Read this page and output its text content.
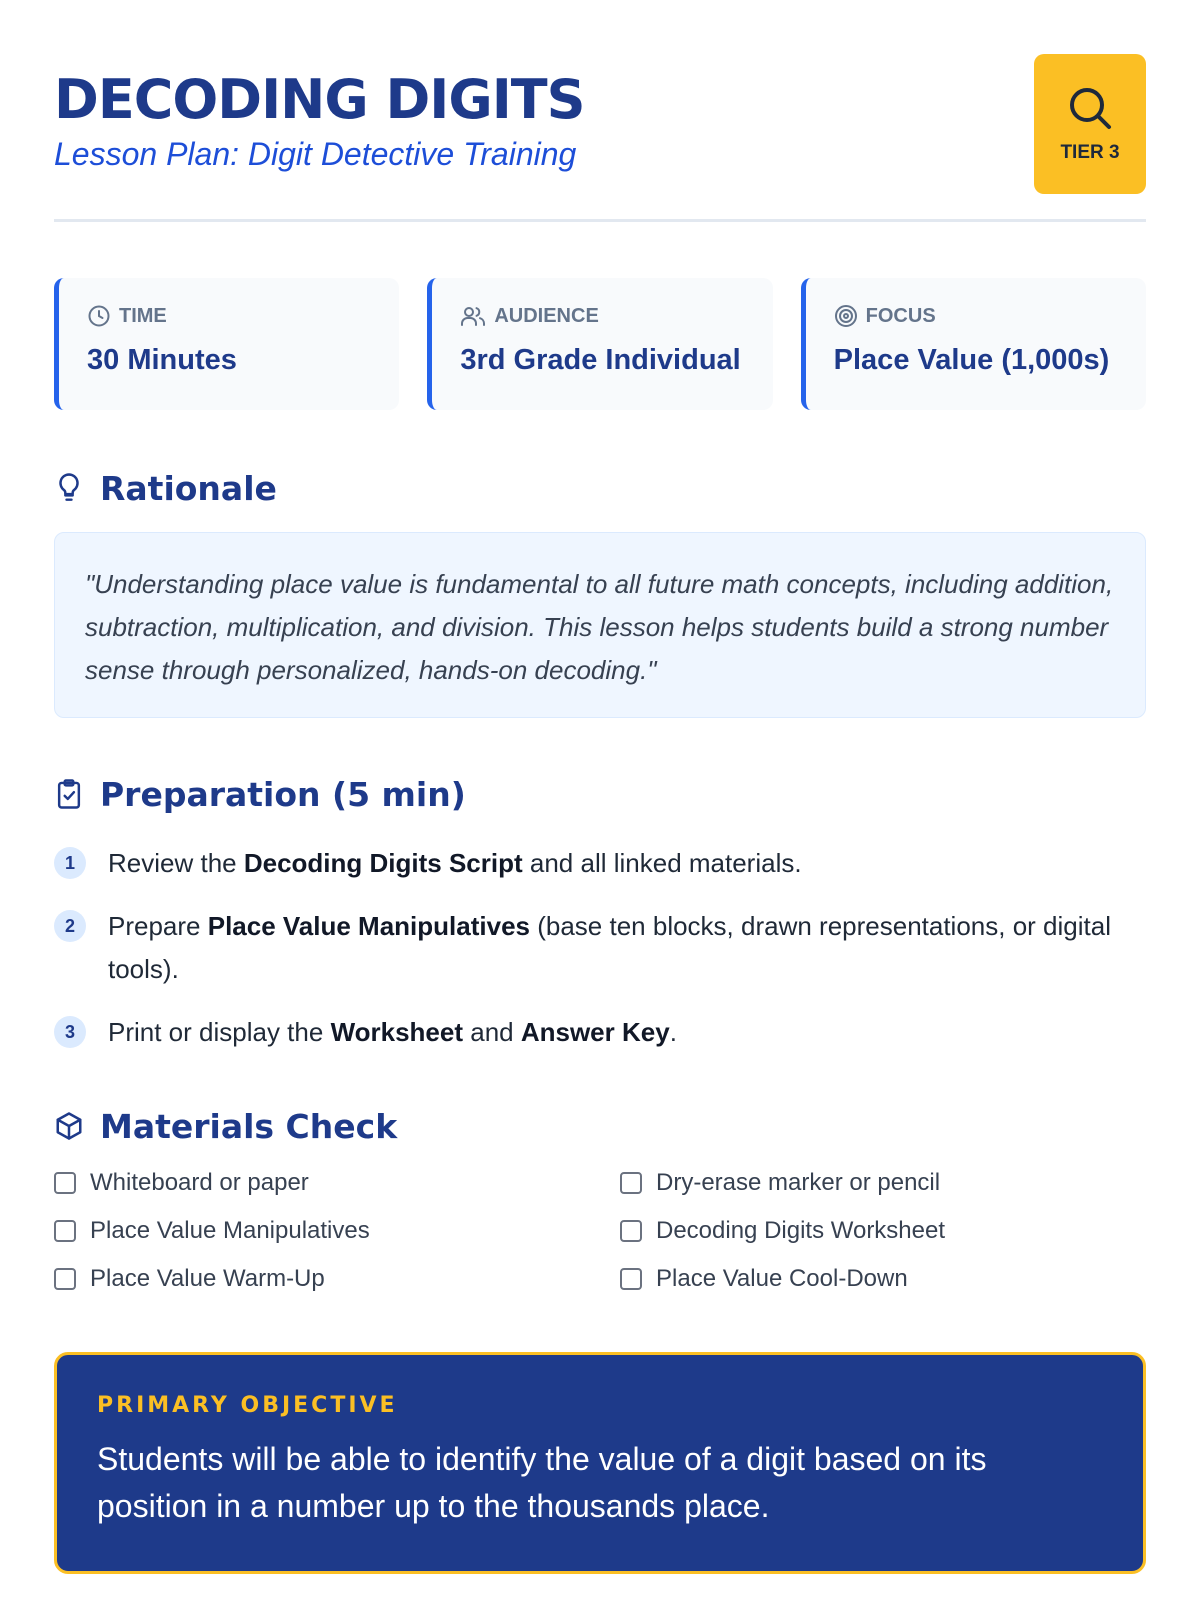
DECODING DIGITS
Lesson Plan: Digit Detective Training	TIER 3
TIME
30 Minutes
AUDIENCE
3rd Grade Individual
FOCUS
Place Value (1,000s)
Rationale
"Understanding place value is fundamental to all future math concepts, including addition, subtraction, multiplication, and division. This lesson helps students build a strong number sense through personalized, hands-on decoding."
Preparation (5 min)
1	Review the Decoding Digits Script and all linked materials.
2	Prepare Place Value Manipulatives (base ten blocks, drawn representations, or digital tools).
3	Print or display the Worksheet and Answer Key.
Materials Check
Whiteboard or paper	Dry-erase marker or pencil
Place Value Manipulatives	Decoding Digits Worksheet
Place Value Warm-Up	Place Value Cool-Down
PRIMARY OBJECTIVE
Students will be able to identify the value of a digit based on its position in a number up to the thousands place.
